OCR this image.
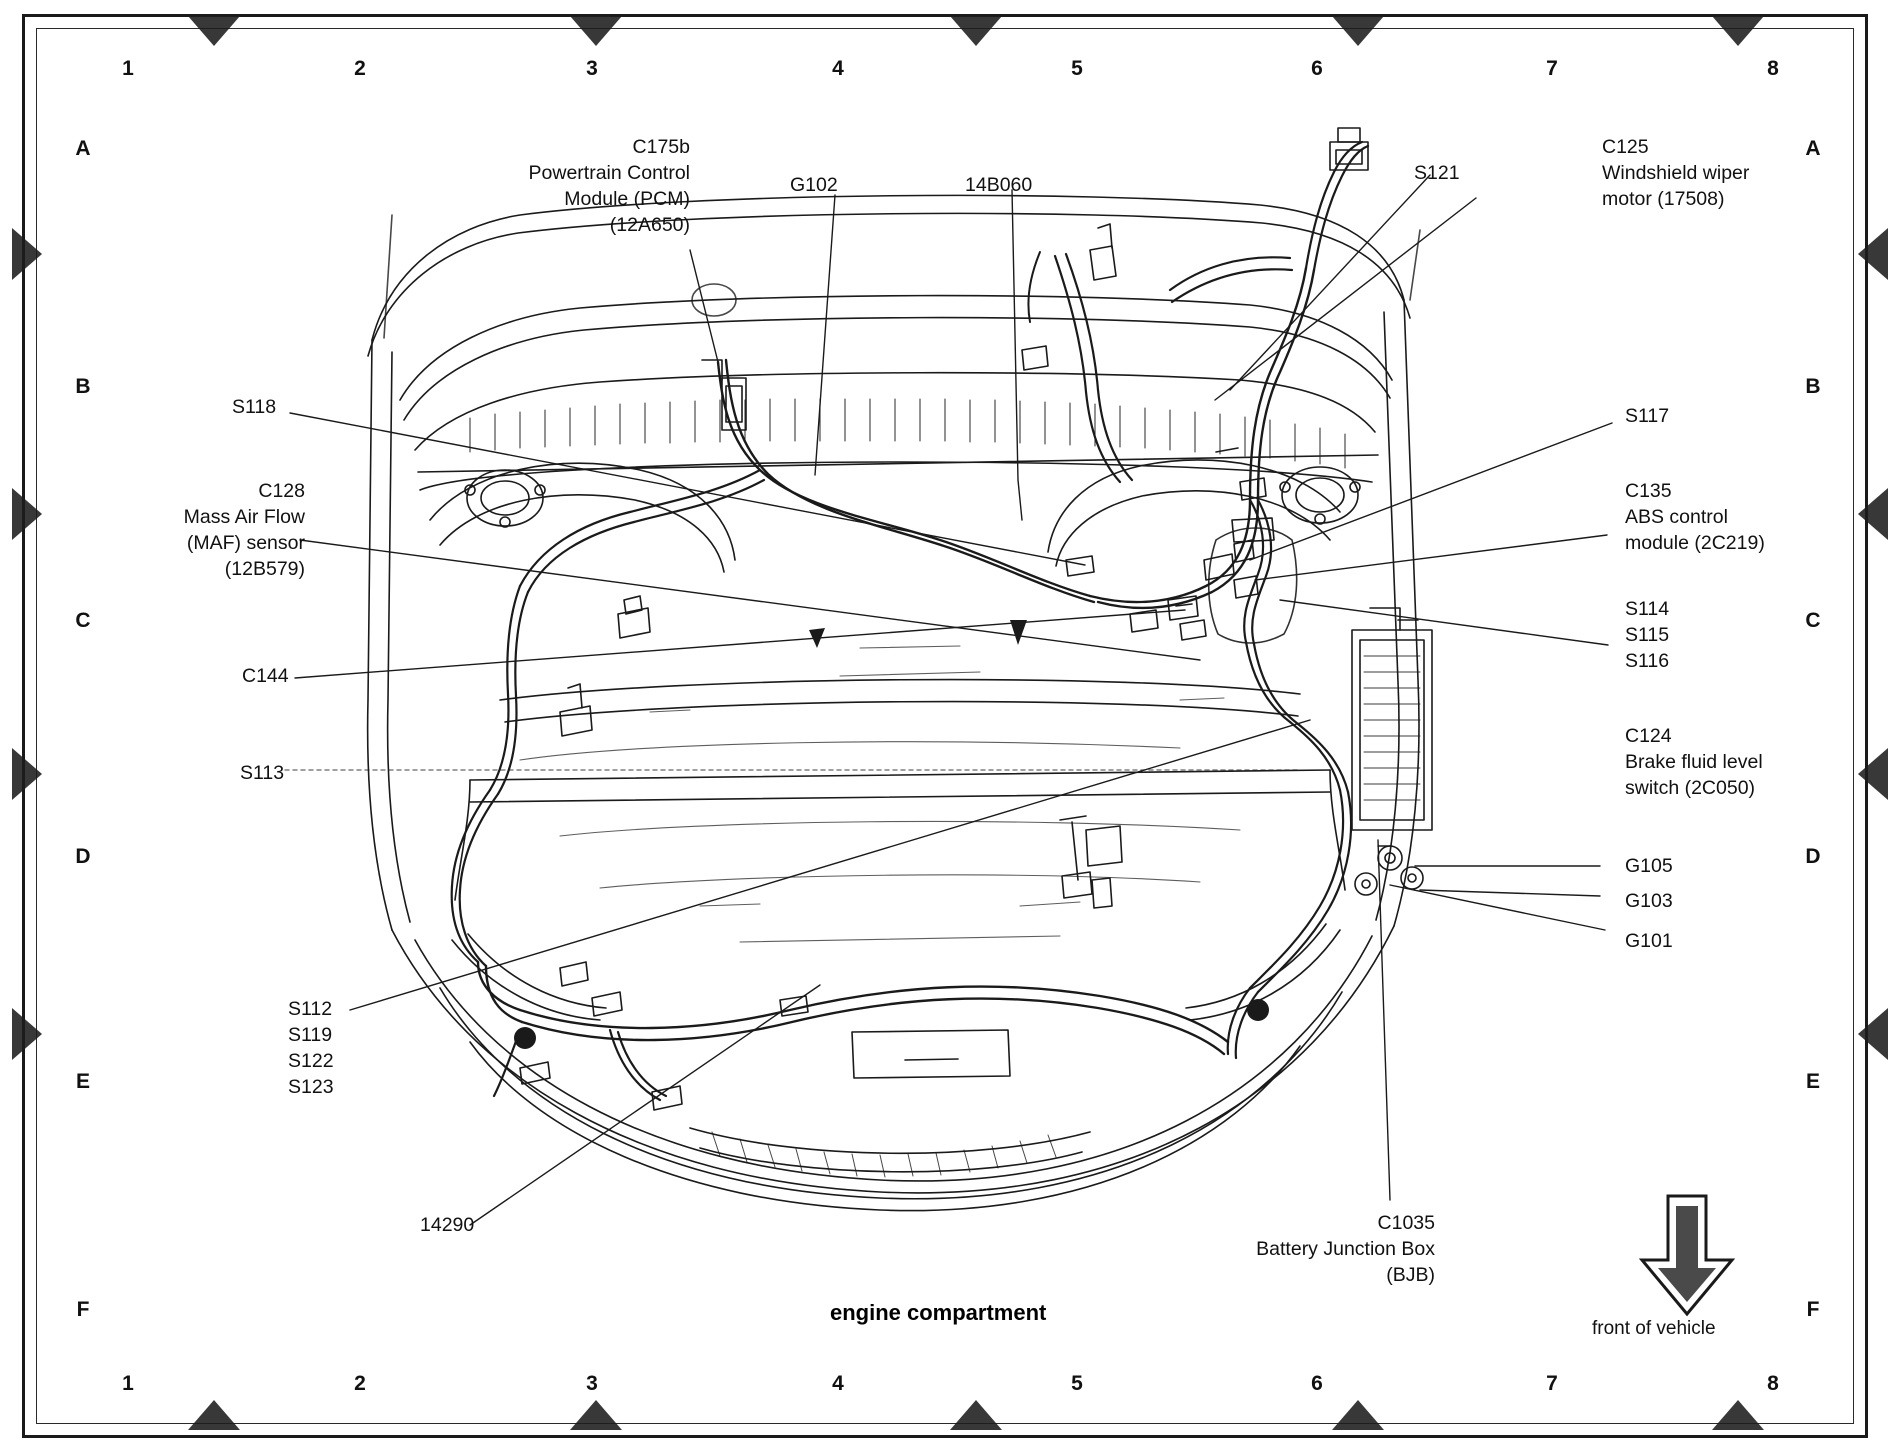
1	2	3	4	5	6	7	8
1	2	3	4	5	6	7	8
A
B
C
D
E
F
A
B
C
D
E
F
C175b
Powertrain Control
Module (PCM)
(12A650)
G102	14B060
S121
C125
Windshield wiper
motor (17508)
S118	S117
C128
Mass Air Flow
(MAF) sensor
(12B579)
C135
ABS control
module (2C219)
S114
S115
S116
C144
C124
Brake fluid level
switch (2C050)
S113
G105
G103
G101
S112
S119
S122
S123
14290	C1035
Battery Junction Box
(BJB)
engine compartment
front of vehicle
